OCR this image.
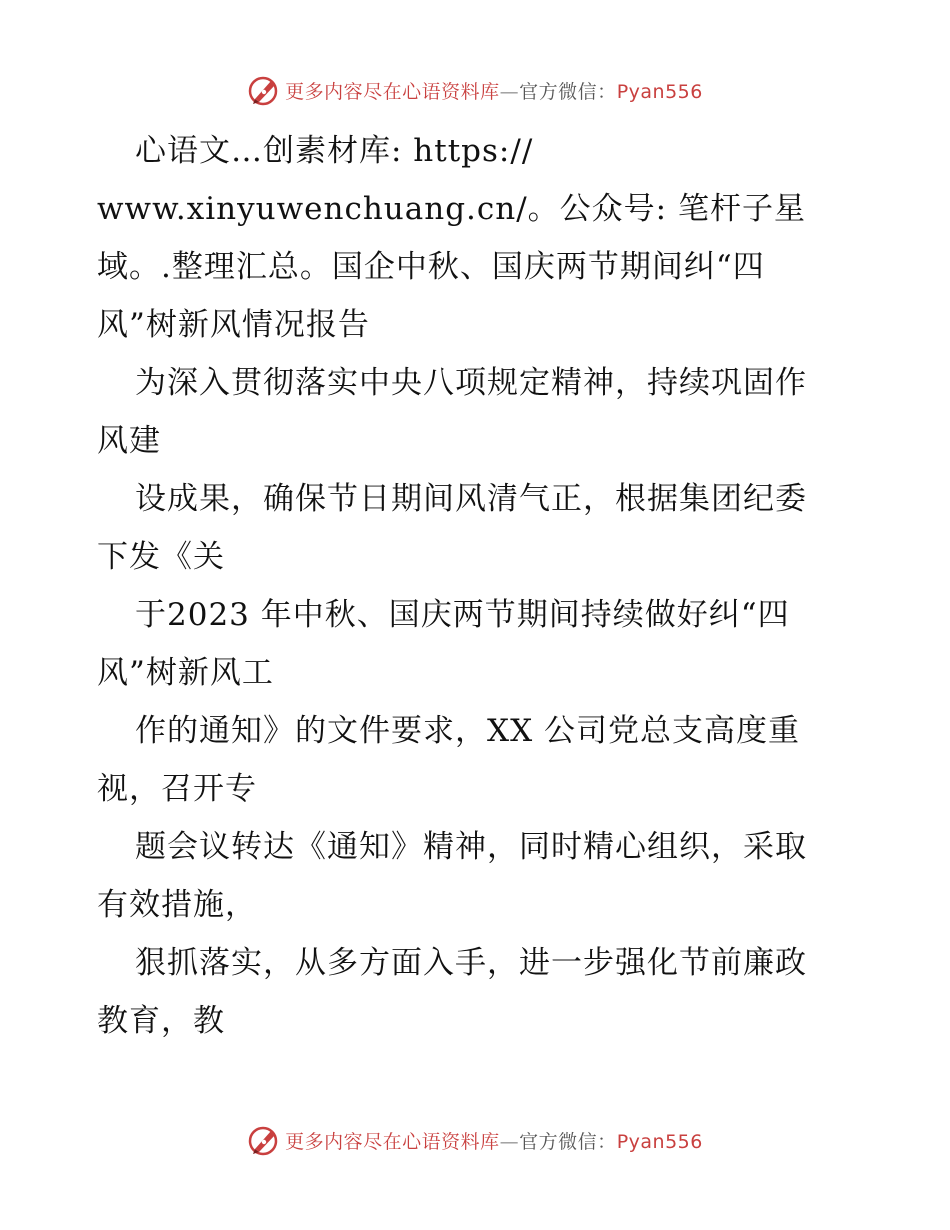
更多内容尽在心语资料库—官方微信：Pyan556
心语文…创素材库: https://
www.xinyuwenchuang.cn/。公众号: 笔杆子星
域。.整理汇总。国企中秋、国庆两节期间纠“四
风”树新风情况报告
为深入贯彻落实中央八项规定精神，持续巩固作
风建
设成果，确保节日期间风清气正，根据集团纪委
下发《关
于2023 年中秋、国庆两节期间持续做好纠“四
风”树新风工
作的通知》的文件要求，XX 公司党总支高度重
视，召开专
题会议转达《通知》精神，同时精心组织，采取
有效措施，
狠抓落实，从多方面入手，进一步强化节前廉政
教育，教
更多内容尽在心语资料库—官方微信：Pyan556
